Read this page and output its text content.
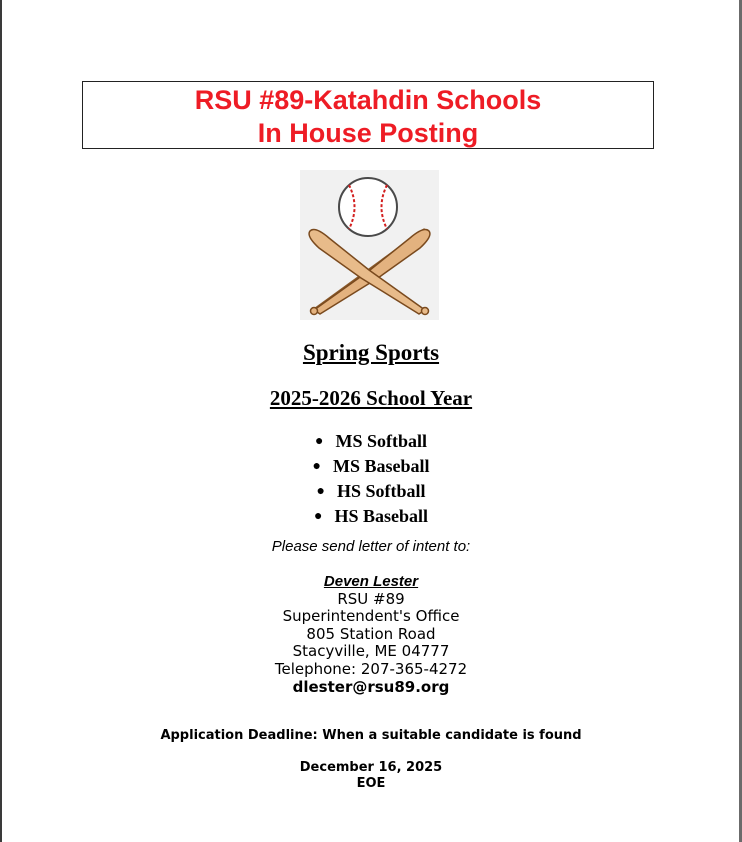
RSU #89-Katahdin Schools
In House Posting
Spring Sports
2025-2026 School Year
● MS Softball
● MS Baseball
● HS Softball
● HS Baseball
Please send letter of intent to:
Deven Lester
RSU #89
Superintendent's Office
805 Station Road
Stacyville, ME 04777
Telephone: 207-365-4272
dlester@rsu89.org
Application Deadline: When a suitable candidate is found
December 16, 2025
EOE
